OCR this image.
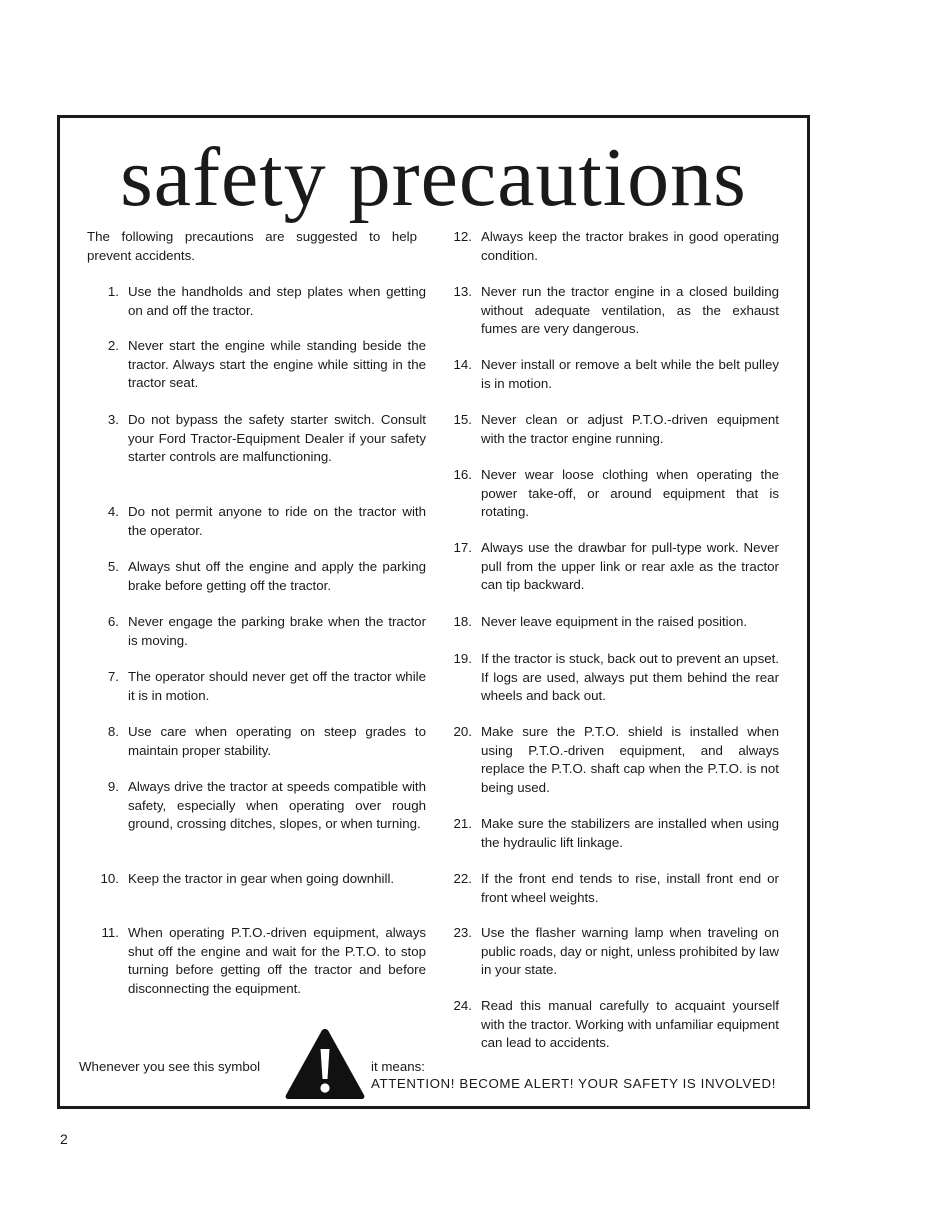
safety precautions

The following precautions are suggested to help prevent accidents.

1. Use the handholds and step plates when getting on and off the tractor.
2. Never start the engine while standing beside the tractor. Always start the engine while sitting in the tractor seat.
3. Do not bypass the safety starter switch. Consult your Ford Tractor-Equipment Dealer if your safety starter controls are malfunctioning.
4. Do not permit anyone to ride on the tractor with the operator.
5. Always shut off the engine and apply the parking brake before getting off the tractor.
6. Never engage the parking brake when the tractor is moving.
7. The operator should never get off the tractor while it is in motion.
8. Use care when operating on steep grades to maintain proper stability.
9. Always drive the tractor at speeds compatible with safety, especially when operating over rough ground, crossing ditches, slopes, or when turning.
10. Keep the tractor in gear when going downhill.
11. When operating P.T.O.-driven equipment, always shut off the engine and wait for the P.T.O. to stop turning before getting off the tractor and before disconnecting the equipment.
12. Always keep the tractor brakes in good operating condition.
13. Never run the tractor engine in a closed building without adequate ventilation, as the exhaust fumes are very dangerous.
14. Never install or remove a belt while the belt pulley is in motion.
15. Never clean or adjust P.T.O.-driven equipment with the tractor engine running.
16. Never wear loose clothing when operating the power take-off, or around equipment that is rotating.
17. Always use the drawbar for pull-type work. Never pull from the upper link or rear axle as the tractor can tip backward.
18. Never leave equipment in the raised position.
19. If the tractor is stuck, back out to prevent an upset. If logs are used, always put them behind the rear wheels and back out.
20. Make sure the P.T.O. shield is installed when using P.T.O.-driven equipment, and always replace the P.T.O. shaft cap when the P.T.O. is not being used.
21. Make sure the stabilizers are installed when using the hydraulic lift linkage.
22. If the front end tends to rise, install front end or front wheel weights.
23. Use the flasher warning lamp when traveling on public roads, day or night, unless prohibited by law in your state.
24. Read this manual carefully to acquaint yourself with the tractor. Working with unfamiliar equipment can lead to accidents.

Whenever you see this symbol	it means:

ATTENTION! BECOME ALERT! YOUR SAFETY IS INVOLVED!

2
